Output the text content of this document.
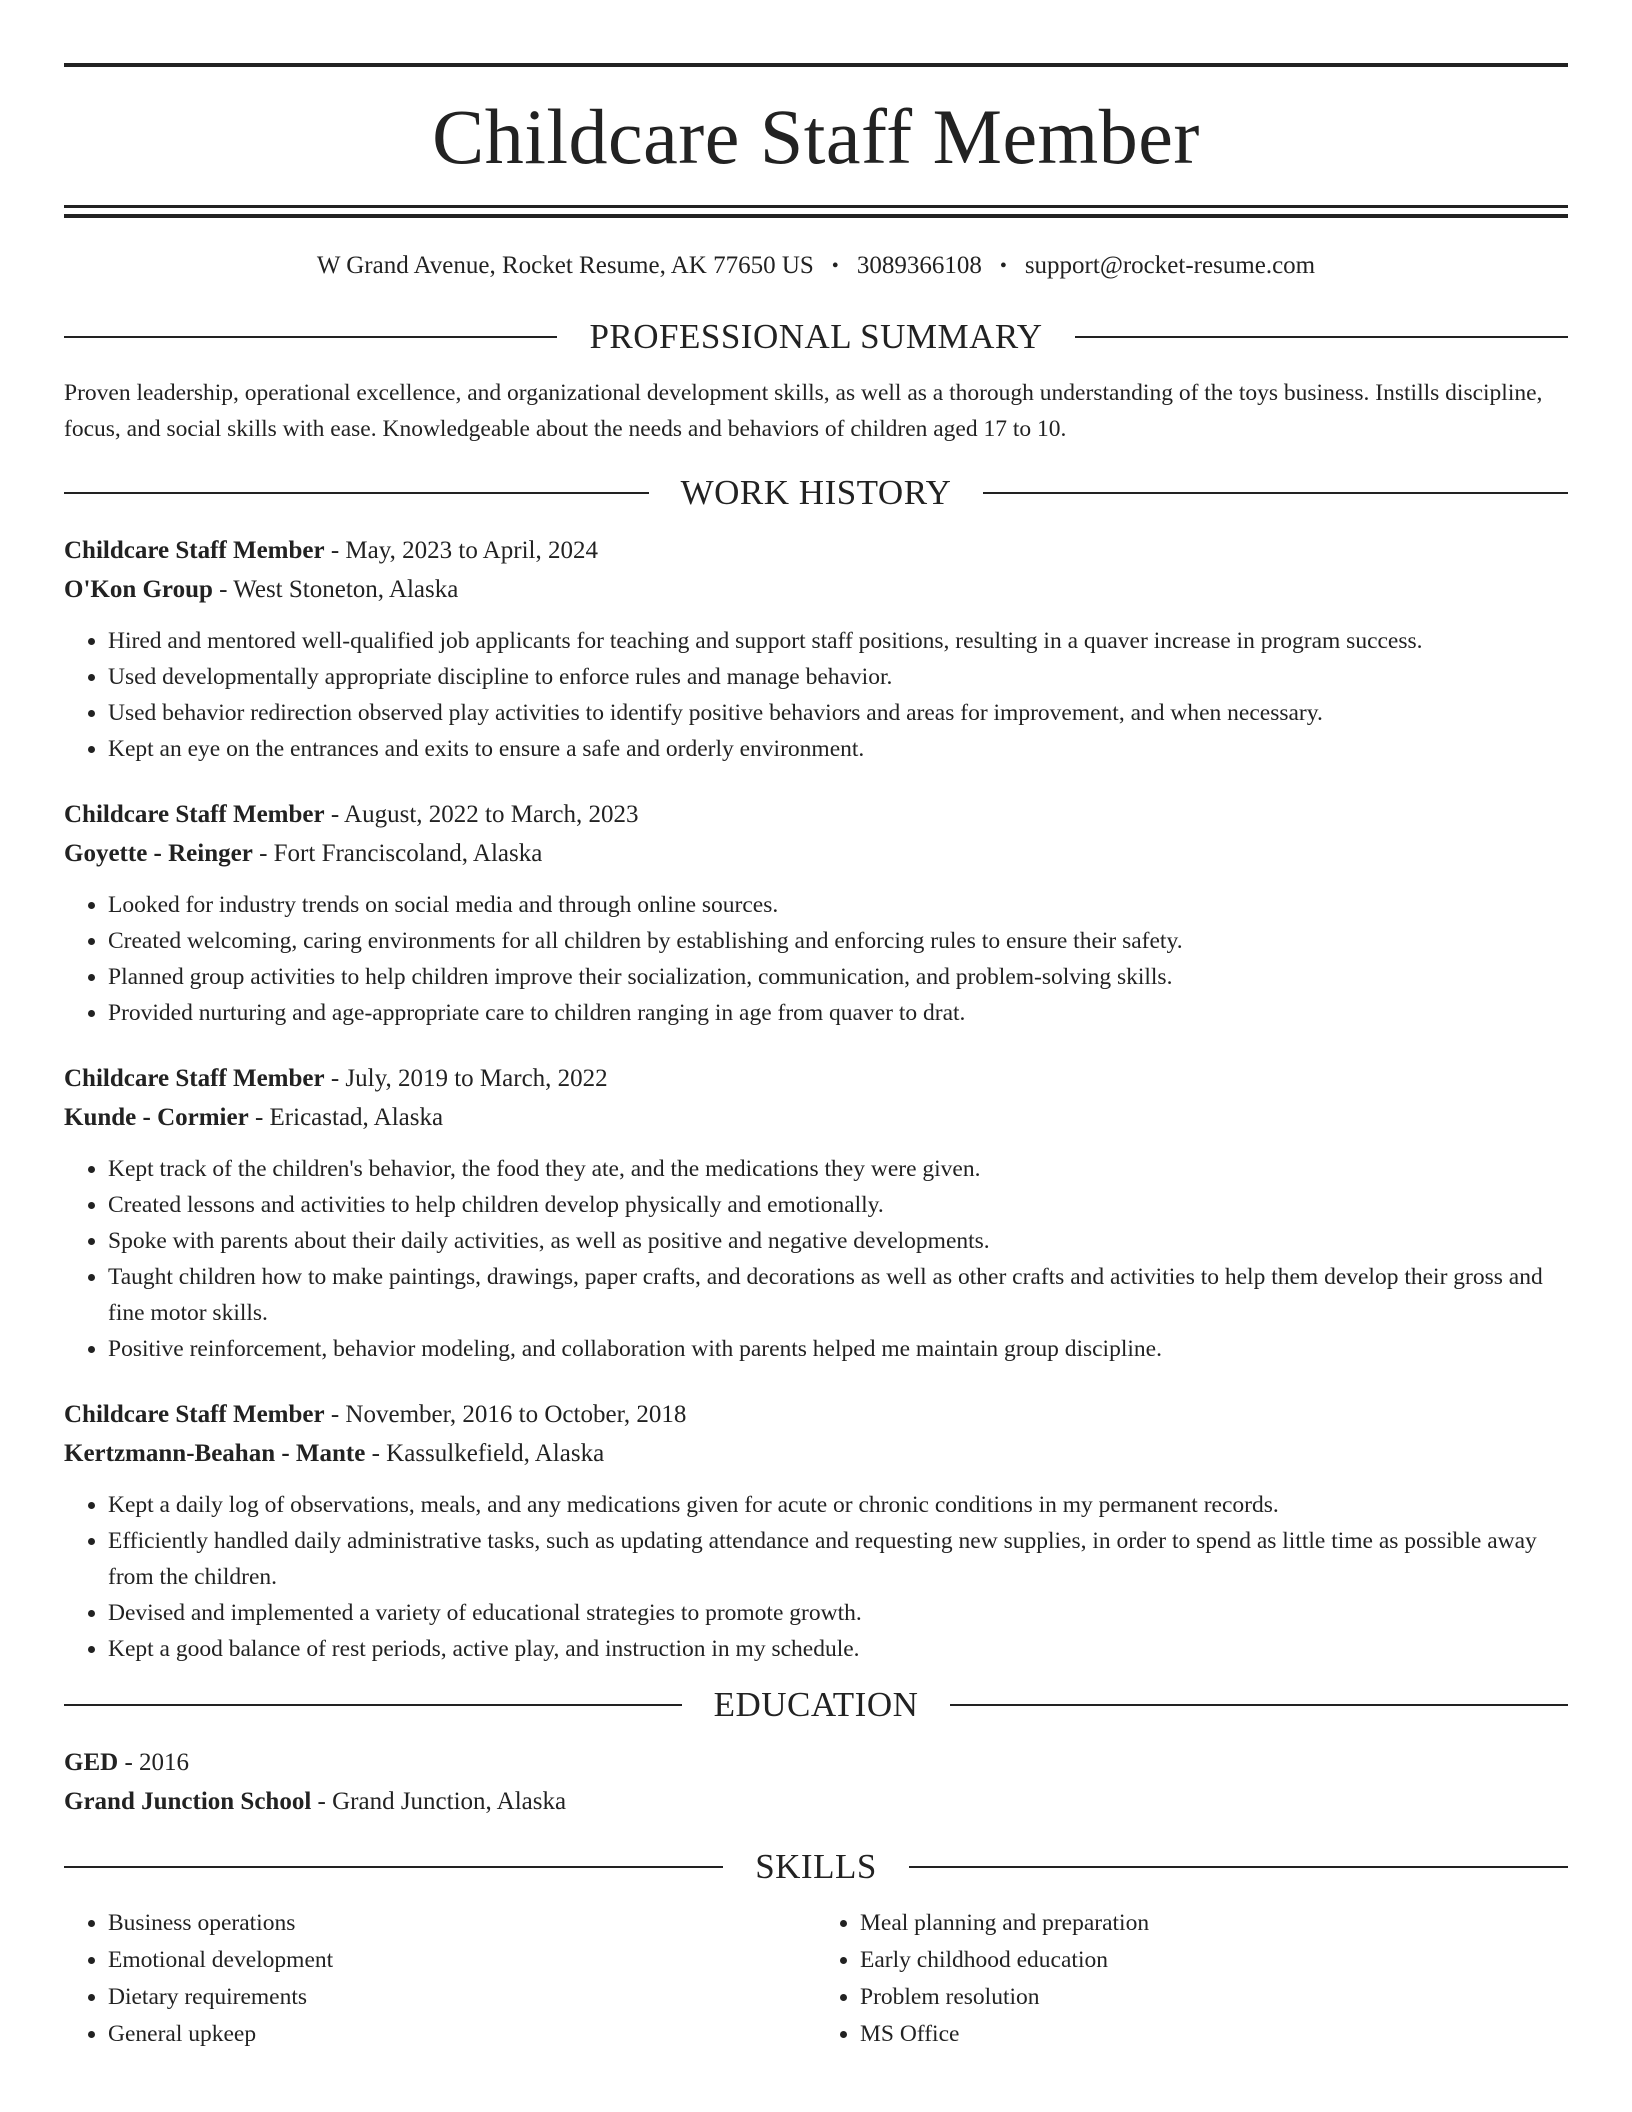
Childcare Staff Member
W Grand Avenue, Rocket Resume, AK 77650 US • 3089366108 • support@rocket-resume.com
PROFESSIONAL SUMMARY
Proven leadership, operational excellence, and organizational development skills, as well as a thorough understanding of the toys business. Instills discipline, focus, and social skills with ease. Knowledgeable about the needs and behaviors of children aged 17 to 10.
WORK HISTORY
Childcare Staff Member - May, 2023 to April, 2024
O'Kon Group - West Stoneton, Alaska
• Hired and mentored well-qualified job applicants for teaching and support staff positions, resulting in a quaver increase in program success.
• Used developmentally appropriate discipline to enforce rules and manage behavior.
• Used behavior redirection observed play activities to identify positive behaviors and areas for improvement, and when necessary.
• Kept an eye on the entrances and exits to ensure a safe and orderly environment.
Childcare Staff Member - August, 2022 to March, 2023
Goyette - Reinger - Fort Franciscoland, Alaska
• Looked for industry trends on social media and through online sources.
• Created welcoming, caring environments for all children by establishing and enforcing rules to ensure their safety.
• Planned group activities to help children improve their socialization, communication, and problem-solving skills.
• Provided nurturing and age-appropriate care to children ranging in age from quaver to drat.
Childcare Staff Member - July, 2019 to March, 2022
Kunde - Cormier - Ericastad, Alaska
• Kept track of the children's behavior, the food they ate, and the medications they were given.
• Created lessons and activities to help children develop physically and emotionally.
• Spoke with parents about their daily activities, as well as positive and negative developments.
• Taught children how to make paintings, drawings, paper crafts, and decorations as well as other crafts and activities to help them develop their gross and fine motor skills.
• Positive reinforcement, behavior modeling, and collaboration with parents helped me maintain group discipline.
Childcare Staff Member - November, 2016 to October, 2018
Kertzmann-Beahan - Mante - Kassulkefield, Alaska
• Kept a daily log of observations, meals, and any medications given for acute or chronic conditions in my permanent records.
• Efficiently handled daily administrative tasks, such as updating attendance and requesting new supplies, in order to spend as little time as possible away from the children.
• Devised and implemented a variety of educational strategies to promote growth.
• Kept a good balance of rest periods, active play, and instruction in my schedule.
EDUCATION
GED - 2016
Grand Junction School - Grand Junction, Alaska
SKILLS
• Business operations
• Emotional development
• Dietary requirements
• General upkeep
• Meal planning and preparation
• Early childhood education
• Problem resolution
• MS Office
